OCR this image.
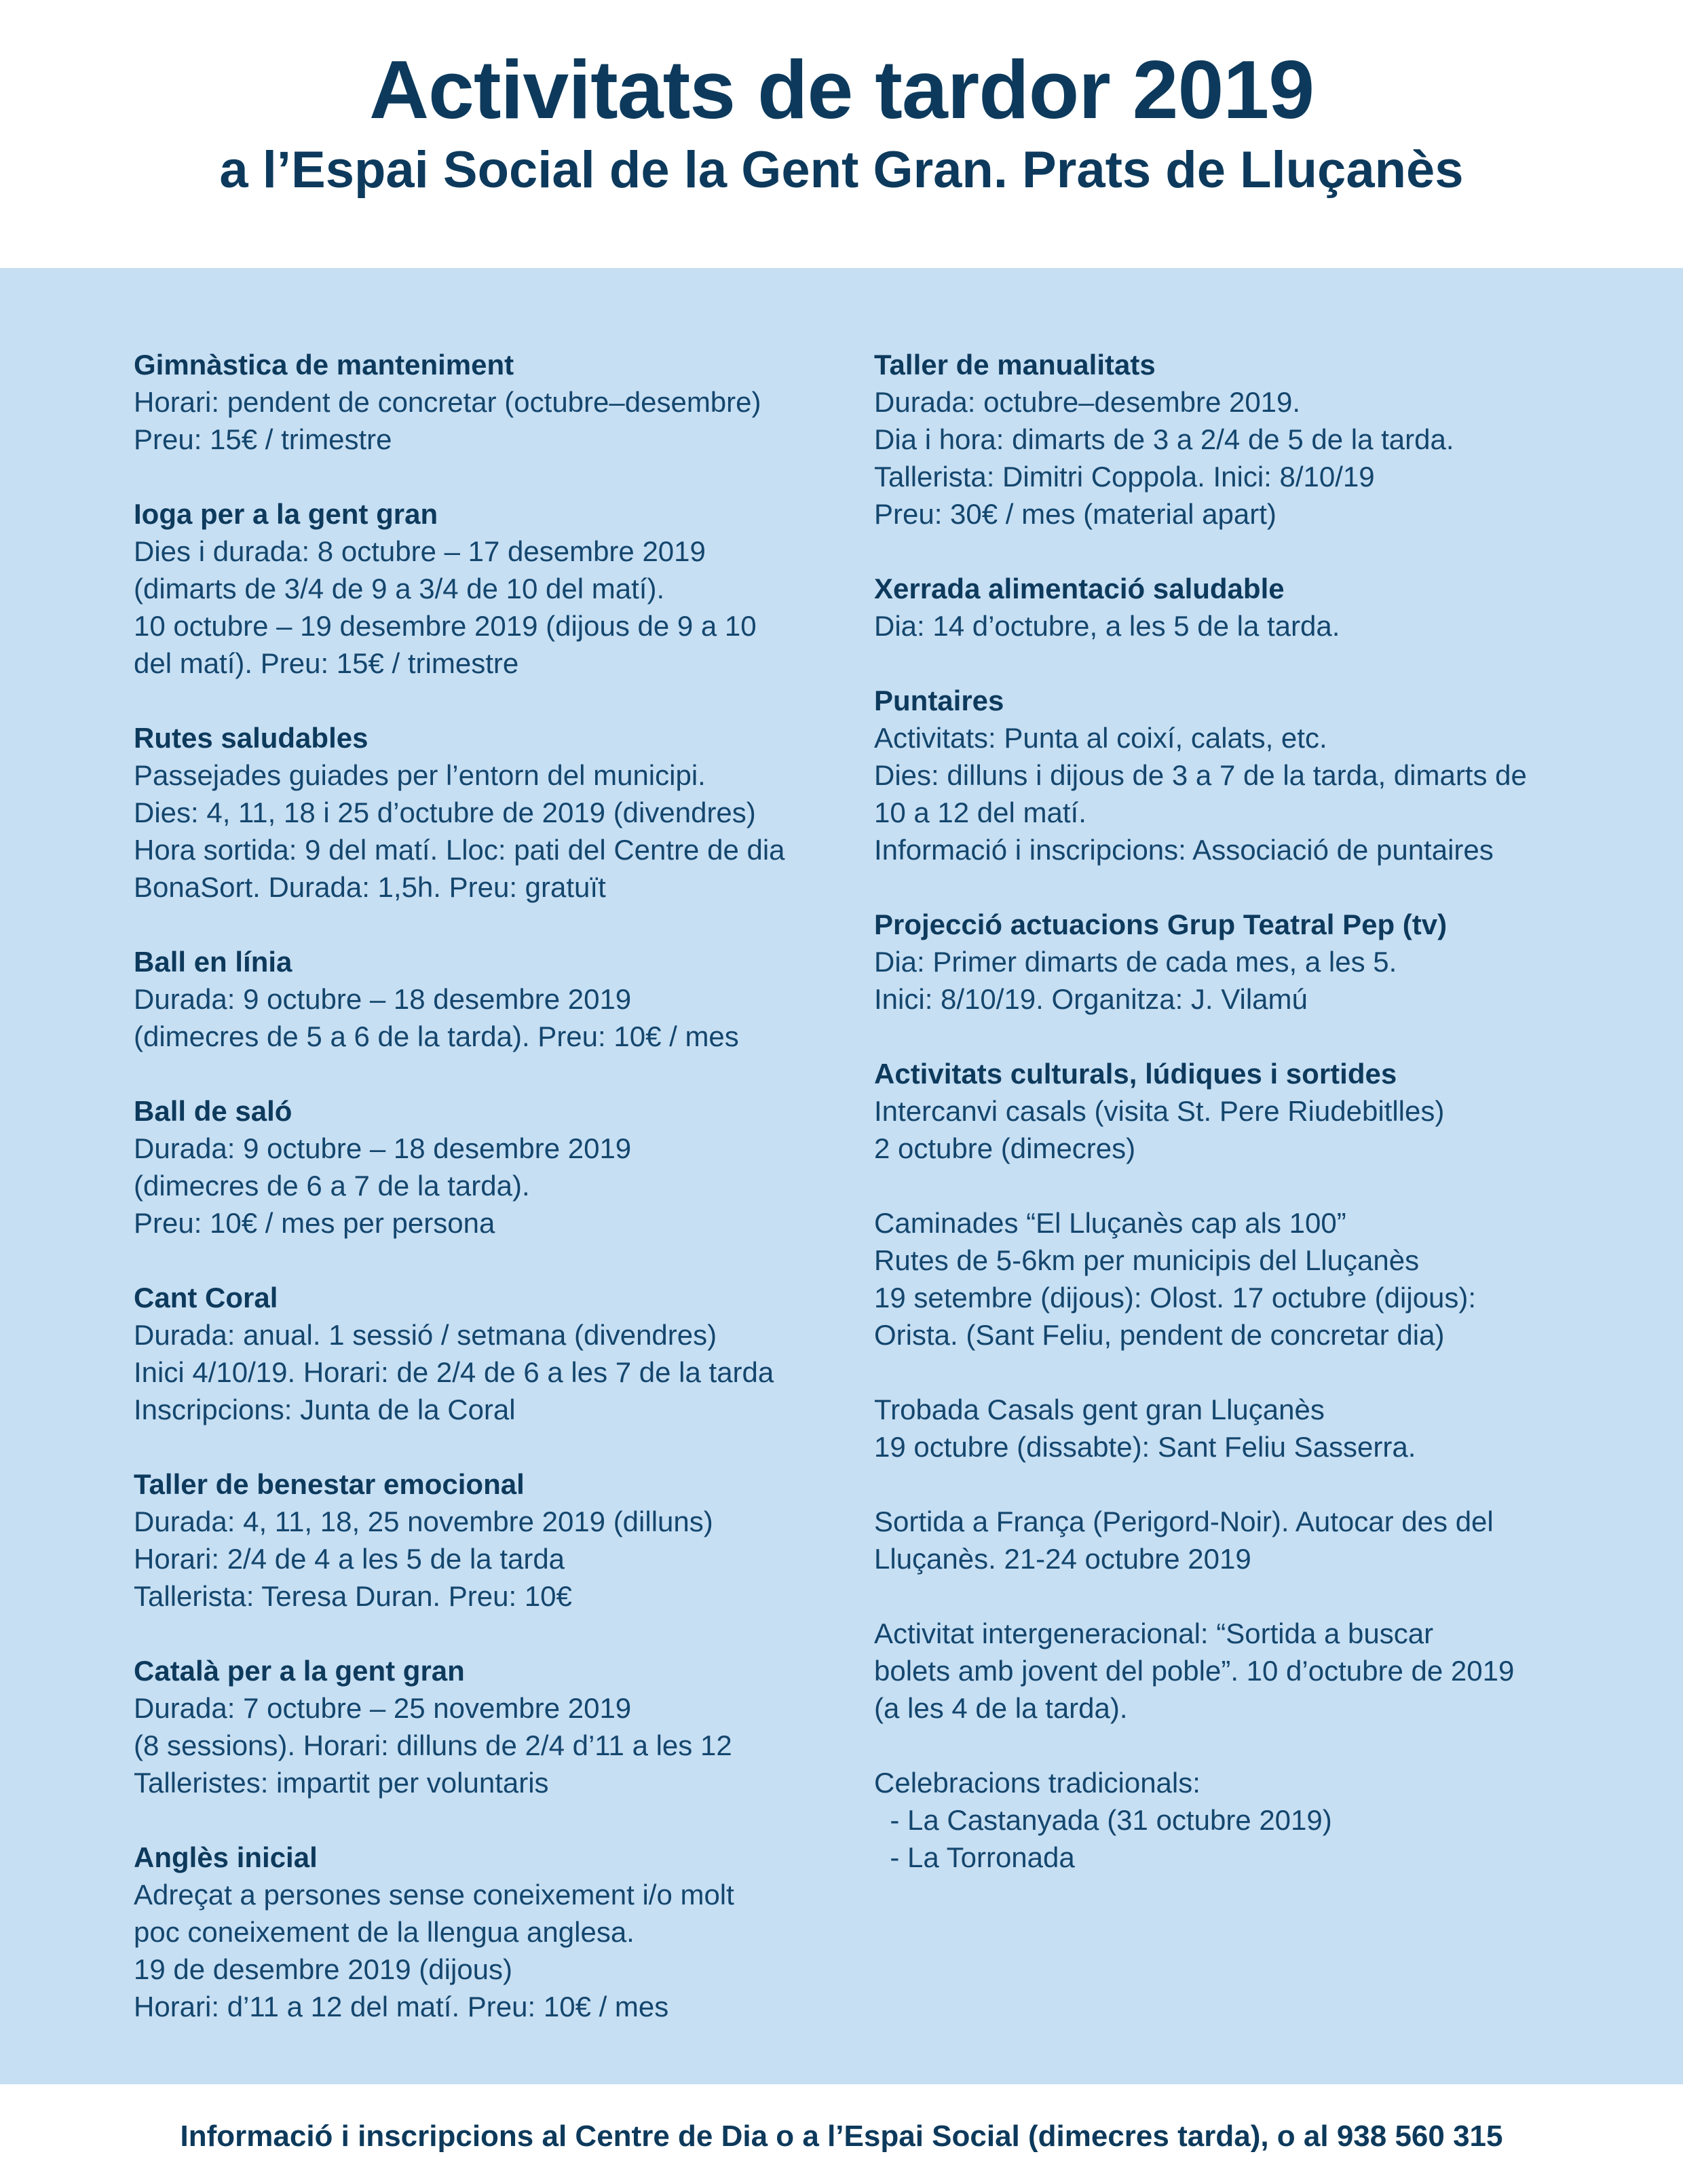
Activitats de tardor 2019
a l’Espai Social de la Gent Gran. Prats de Lluçanès
Gimnàstica de manteniment
Horari: pendent de concretar (octubre–desembre)
Preu: 15€ / trimestre
Ioga per a la gent gran
Dies i durada: 8 octubre – 17 desembre 2019
(dimarts de 3/4 de 9 a 3/4 de 10 del matí).
10 octubre – 19 desembre 2019 (dijous de 9 a 10
del matí). Preu: 15€ / trimestre
Rutes saludables
Passejades guiades per l’entorn del municipi.
Dies: 4, 11, 18 i 25 d’octubre de 2019 (divendres)
Hora sortida: 9 del matí. Lloc: pati del Centre de dia
BonaSort. Durada: 1,5h. Preu: gratuït
Ball en línia
Durada: 9 octubre – 18 desembre 2019
(dimecres de 5 a 6 de la tarda). Preu: 10€ / mes
Ball de saló
Durada: 9 octubre – 18 desembre 2019
(dimecres de 6 a 7 de la tarda).
Preu: 10€ / mes per persona
Cant Coral
Durada: anual. 1 sessió / setmana (divendres)
Inici 4/10/19. Horari: de 2/4 de 6 a les 7 de la tarda
Inscripcions: Junta de la Coral
Taller de benestar emocional
Durada: 4, 11, 18, 25 novembre 2019 (dilluns)
Horari: 2/4 de 4 a les 5 de la tarda
Tallerista: Teresa Duran. Preu: 10€
Català per a la gent gran
Durada: 7 octubre – 25 novembre 2019
(8 sessions). Horari: dilluns de 2/4 d’11 a les 12
Talleristes: impartit per voluntaris
Anglès inicial
Adreçat a persones sense coneixement i/o molt
poc coneixement de la llengua anglesa.
19 de desembre 2019 (dijous)
Horari: d’11 a 12 del matí. Preu: 10€ / mes
Taller de manualitats
Durada: octubre–desembre 2019.
Dia i hora: dimarts de 3 a 2/4 de 5 de la tarda.
Tallerista: Dimitri Coppola. Inici: 8/10/19
Preu: 30€ / mes (material apart)
Xerrada alimentació saludable
Dia: 14 d’octubre, a les 5 de la tarda.
Puntaires
Activitats: Punta al coixí, calats, etc.
Dies: dilluns i dijous de 3 a 7 de la tarda, dimarts de
10 a 12 del matí.
Informació i inscripcions: Associació de puntaires
Projecció actuacions Grup Teatral Pep (tv)
Dia: Primer dimarts de cada mes, a les 5.
Inici: 8/10/19. Organitza: J. Vilamú
Activitats culturals, lúdiques i sortides
Intercanvi casals (visita St. Pere Riudebitlles)
2 octubre (dimecres)
Caminades “El Lluçanès cap als 100”
Rutes de 5-6km per municipis del Lluçanès
19 setembre (dijous): Olost. 17 octubre (dijous):
Orista. (Sant Feliu, pendent de concretar dia)
Trobada Casals gent gran Lluçanès
19 octubre (dissabte): Sant Feliu Sasserra.
Sortida a França (Perigord-Noir). Autocar des del
Lluçanès. 21-24 octubre 2019
Activitat intergeneracional: “Sortida a buscar
bolets amb jovent del poble”. 10 d’octubre de 2019
(a les 4 de la tarda).
Celebracions tradicionals:
- La Castanyada (31 octubre 2019)
- La Torronada
Informació i inscripcions al Centre de Dia o a l’Espai Social (dimecres tarda), o al 938 560 315
